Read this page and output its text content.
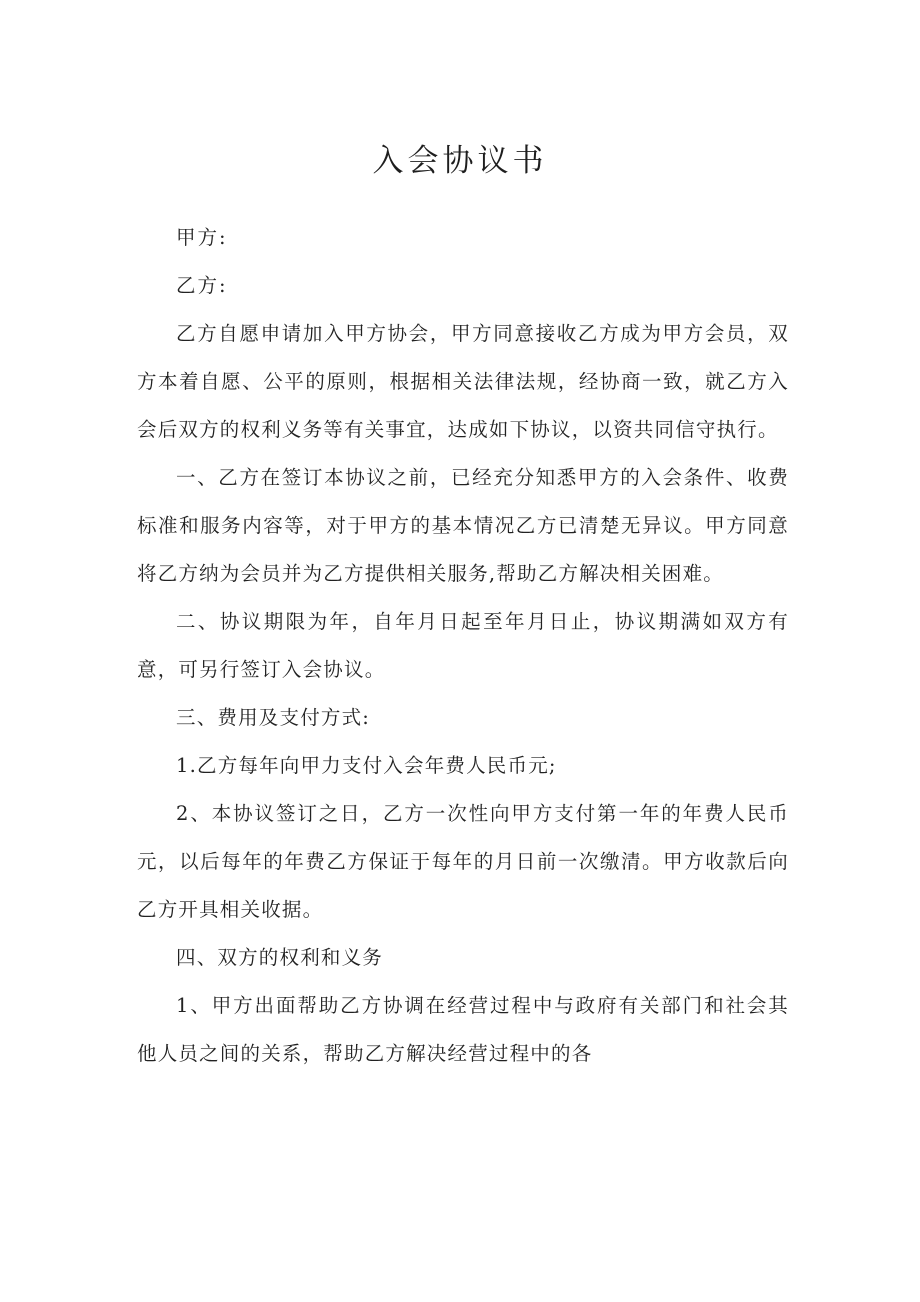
入会协议书

甲方:

乙方:

乙方自愿申请加入甲方协会，甲方同意接收乙方成为甲方会员，双方本着自愿、公平的原则，根据相关法律法规，经协商一致，就乙方入会后双方的权利义务等有关事宜，达成如下协议，以资共同信守执行。

一、乙方在签订本协议之前，已经充分知悉甲方的入会条件、收费标准和服务内容等，对于甲方的基本情况乙方已清楚无异议。甲方同意将乙方纳为会员并为乙方提供相关服务,帮助乙方解决相关困难。

二、协议期限为年，自年月日起至年月日止，协议期满如双方有意，可另行签订入会协议。

三、费用及支付方式:

1.乙方每年向甲力支付入会年费人民币元;

2、本协议签订之日，乙方一次性向甲方支付第一年的年费人民币元，以后每年的年费乙方保证于每年的月日前一次缴清。甲方收款后向乙方开具相关收据。

四、双方的权利和义务

1、甲方出面帮助乙方协调在经营过程中与政府有关部门和社会其他人员之间的关系，帮助乙方解决经营过程中的各
